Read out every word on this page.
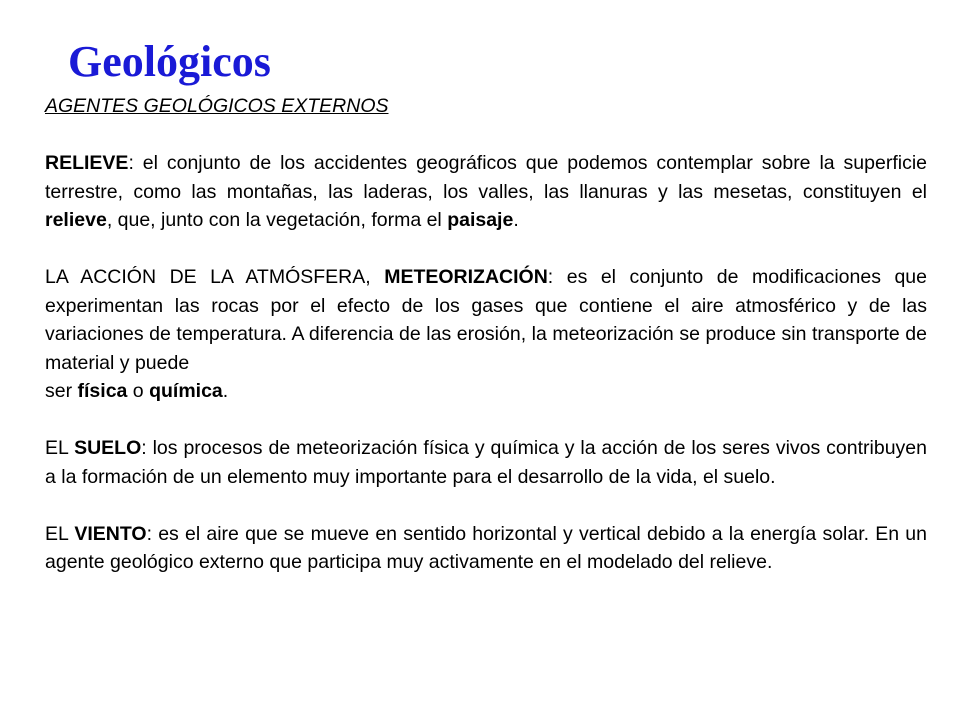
Geológicos

AGENTES GEOLÓGICOS EXTERNOS

RELIEVE: el conjunto de los accidentes geográficos que podemos contemplar sobre la superficie terrestre, como las montañas, las laderas, los valles, las llanuras y las mesetas, constituyen el relieve, que, junto con la vegetación, forma el paisaje.

LA ACCIÓN DE LA ATMÓSFERA, METEORIZACIÓN: es el conjunto de modificaciones que experimentan las rocas por el efecto de los gases que contiene el aire atmosférico y de las variaciones de temperatura. A diferencia de las erosión, la meteorización se produce sin transporte de material y puede
ser física o química.

EL SUELO: los procesos de meteorización física y química y la acción de los seres vivos contribuyen a la formación de un elemento muy importante para el desarrollo de la vida, el suelo.

EL VIENTO: es el aire que se mueve en sentido horizontal y vertical debido a la energía solar. En un agente geológico externo que participa muy activamente en el modelado del relieve.
